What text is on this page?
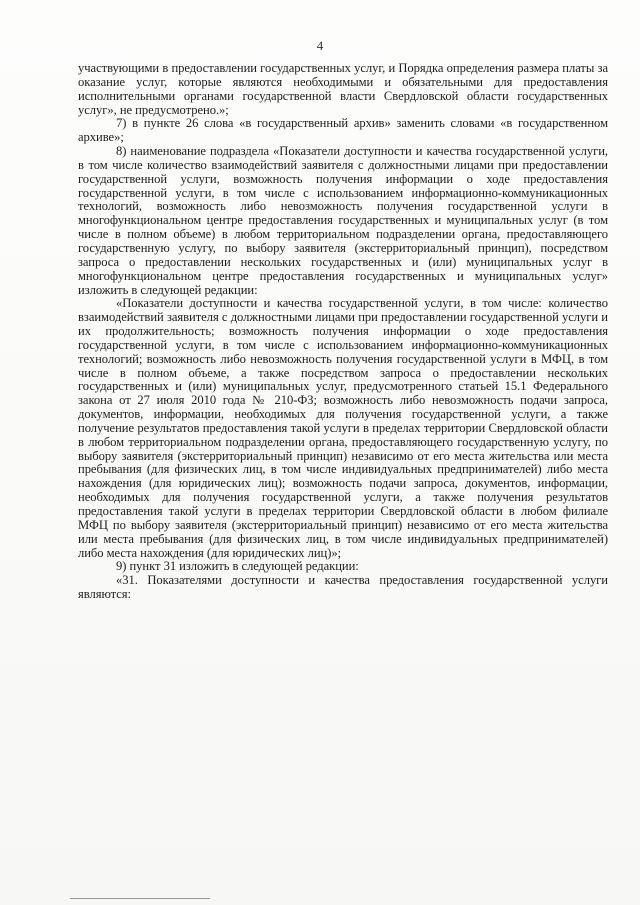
4

участвующими в предоставлении государственных услуг, и Порядка определения размера платы за оказание услуг, которые являются необходимыми и обязательными для предоставления исполнительными органами государственной власти Свердловской области государственных услуг», не предусмотрено.»;

7) в пункте 26 слова «в государственный архив» заменить словами «в государственном архиве»;

8) наименование подраздела «Показатели доступности и качества государственной услуги, в том числе количество взаимодействий заявителя с должностными лицами при предоставлении государственной услуги, возможность получения информации о ходе предоставления государственной услуги, в том числе с использованием информационно-коммуникационных технологий, возможность либо невозможность получения государственной услуги в многофункциональном центре предоставления государственных и муниципальных услуг (в том числе в полном объеме) в любом территориальном подразделении органа, предоставляющего государственную услугу, по выбору заявителя (экстерриториальный принцип), посредством запроса о предоставлении нескольких государственных и (или) муниципальных услуг в многофункциональном центре предоставления государственных и муниципальных услуг» изложить в следующей редакции:

«Показатели доступности и качества государственной услуги, в том числе: количество взаимодействий заявителя с должностными лицами при предоставлении государственной услуги и их продолжительность; возможность получения информации о ходе предоставления государственной услуги, в том числе с использованием информационно-коммуникационных технологий; возможность либо невозможность получения государственной услуги в МФЦ, в том числе в полном объеме, а также посредством запроса о предоставлении нескольких государственных и (или) муниципальных услуг, предусмотренного статьей 15.1 Федерального закона от 27 июля 2010 года № 210-ФЗ; возможность либо невозможность подачи запроса, документов, информации, необходимых для получения государственной услуги, а также получение результатов предоставления такой услуги в пределах территории Свердловской области в любом территориальном подразделении органа, предоставляющего государственную услугу, по выбору заявителя (экстерриториальный принцип) независимо от его места жительства или места пребывания (для физических лиц, в том числе индивидуальных предпринимателей) либо места нахождения (для юридических лиц); возможность подачи запроса, документов, информации, необходимых для получения государственной услуги, а также получения результатов предоставления такой услуги в пределах территории Свердловской области в любом филиале МФЦ по выбору заявителя (экстерриториальный принцип) независимо от его места жительства или места пребывания (для физических лиц, в том числе индивидуальных предпринимателей) либо места нахождения (для юридических лиц)»;

9) пункт 31 изложить в следующей редакции:

«31. Показателями доступности и качества предоставления государственной услуги являются:
